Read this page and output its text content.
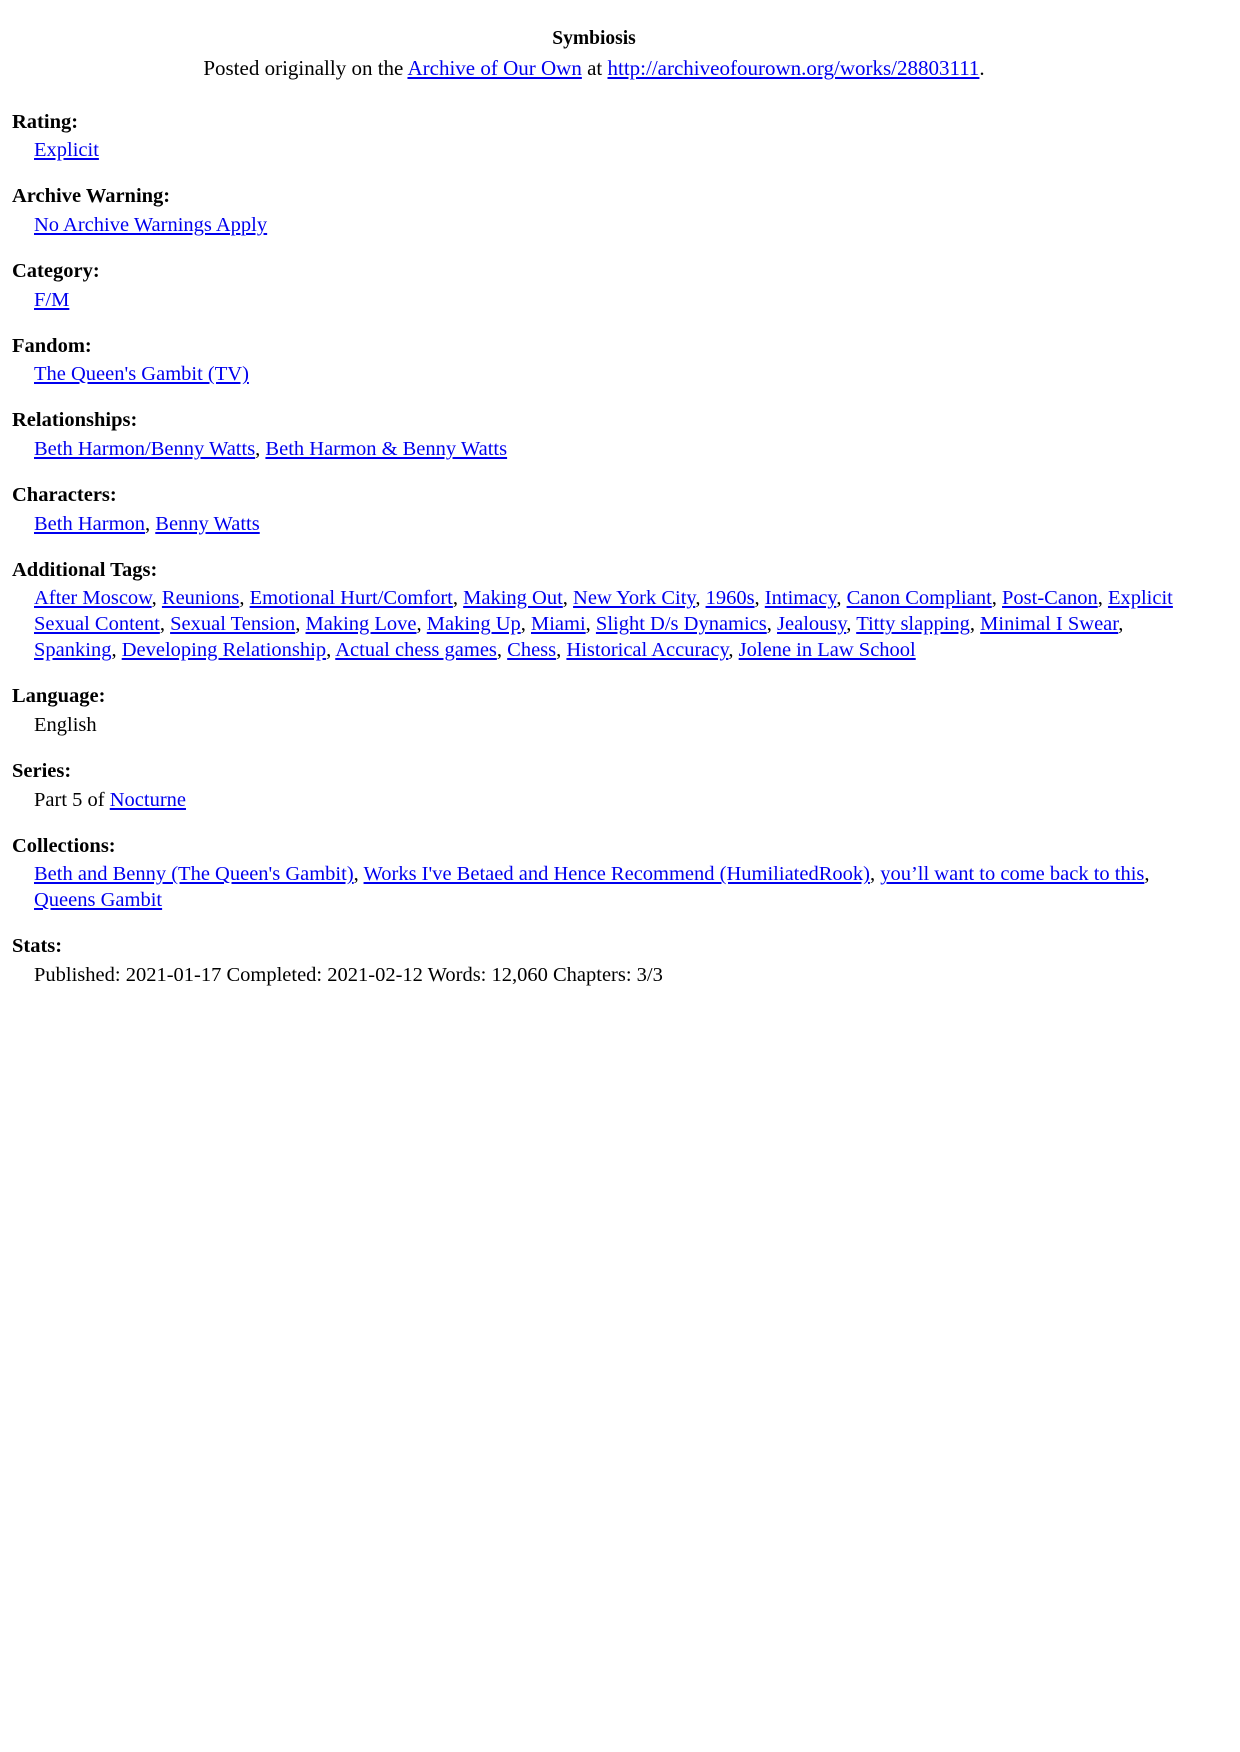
Symbiosis
Posted originally on the Archive of Our Own at http://archiveofourown.org/works/28803111.
Rating:
Explicit
Archive Warning:
No Archive Warnings Apply
Category:
F/M
Fandom:
The Queen's Gambit (TV)
Relationships:
Beth Harmon/Benny Watts, Beth Harmon & Benny Watts
Characters:
Beth Harmon, Benny Watts
Additional Tags:
After Moscow, Reunions, Emotional Hurt/Comfort, Making Out, New York City, 1960s, Intimacy, Canon Compliant, Post-Canon, Explicit Sexual Content, Sexual Tension, Making Love, Making Up, Miami, Slight D/s Dynamics, Jealousy, Titty slapping, Minimal I Swear, Spanking, Developing Relationship, Actual chess games, Chess, Historical Accuracy, Jolene in Law School
Language:
English
Series:
Part 5 of Nocturne
Collections:
Beth and Benny (The Queen's Gambit), Works I've Betaed and Hence Recommend (HumiliatedRook), you’ll want to come back to this, Queens Gambit
Stats:
Published: 2021-01-17 Completed: 2021-02-12 Words: 12,060 Chapters: 3/3
